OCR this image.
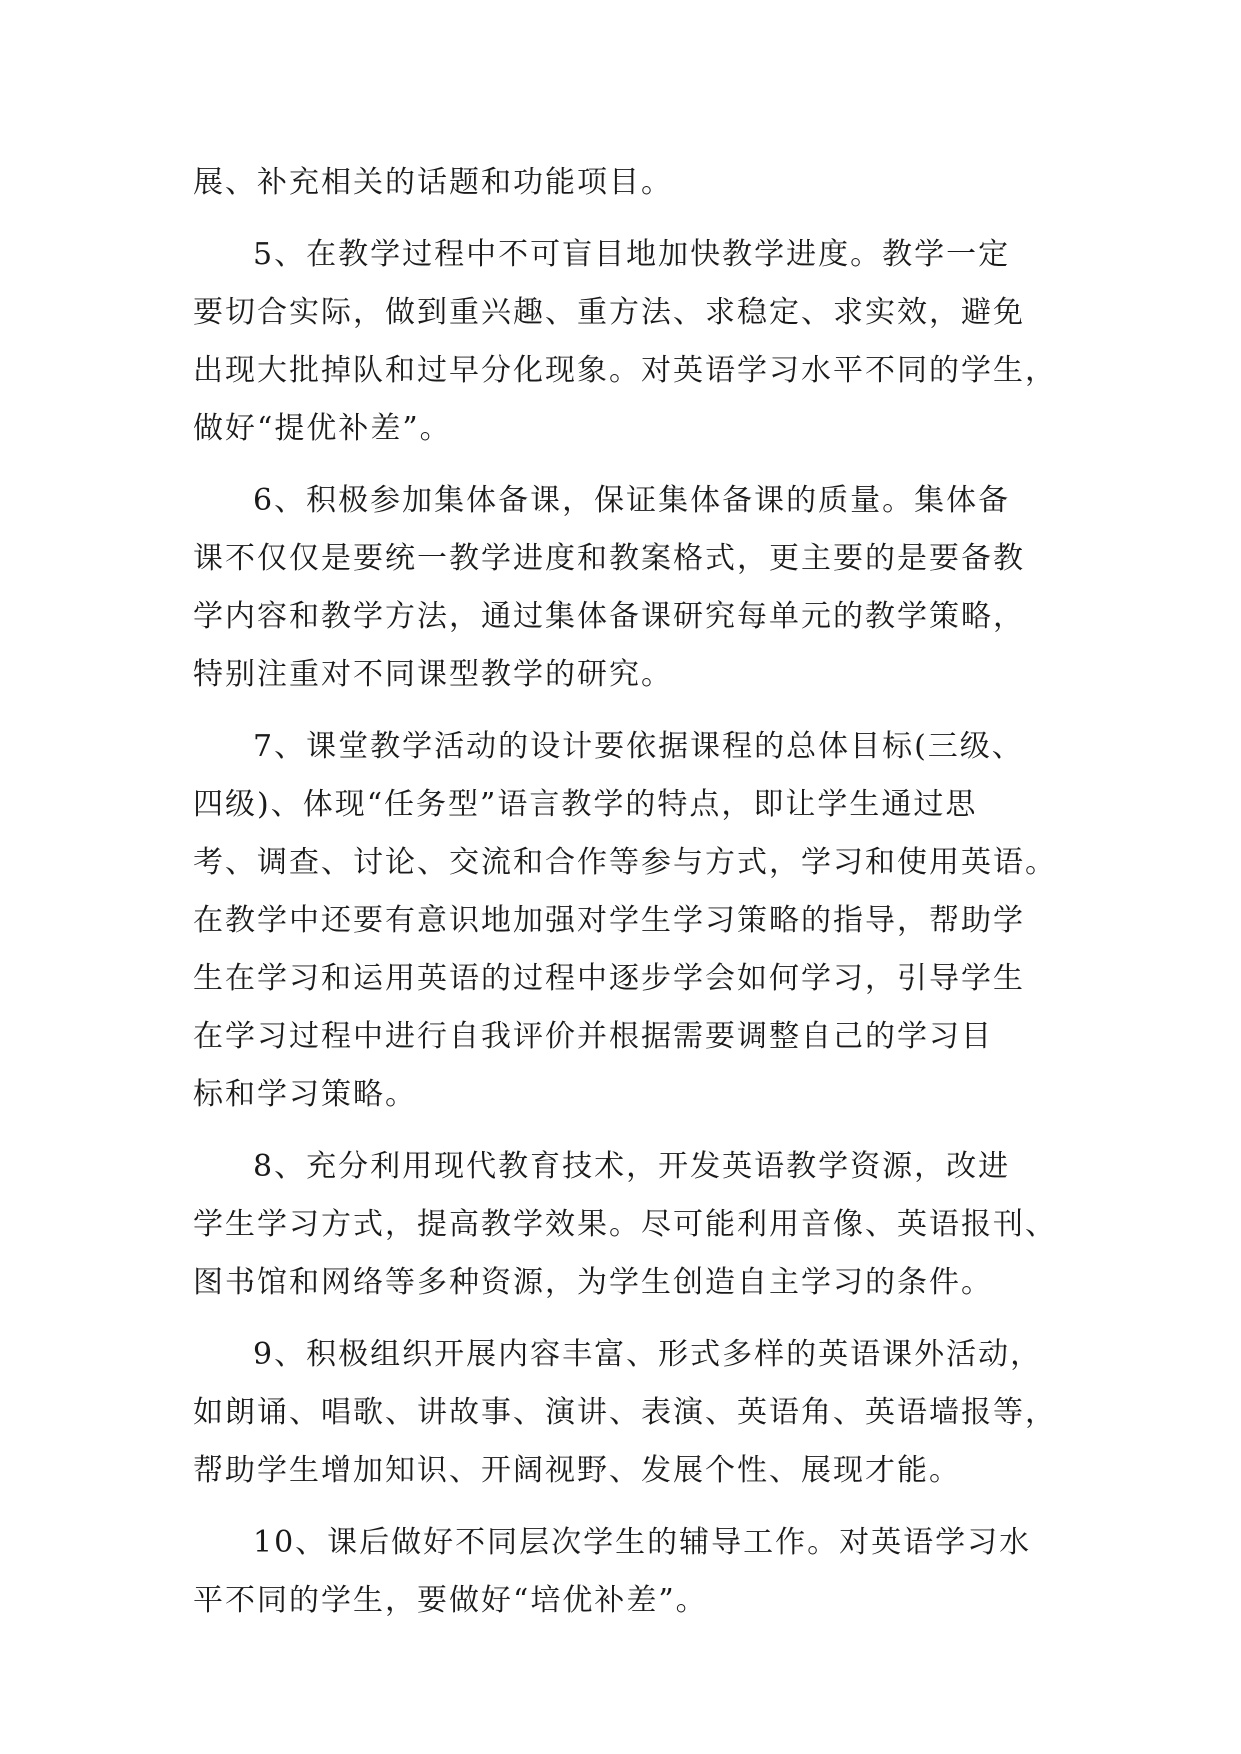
展、补充相关的话题和功能项目。
5、在教学过程中不可盲目地加快教学进度。教学一定
要切合实际，做到重兴趣、重方法、求稳定、求实效，避免
出现大批掉队和过早分化现象。对英语学习水平不同的学生，
做好“提优补差”。
6、积极参加集体备课，保证集体备课的质量。集体备
课不仅仅是要统一教学进度和教案格式，更主要的是要备教
学内容和教学方法，通过集体备课研究每单元的教学策略，
特别注重对不同课型教学的研究。
7、课堂教学活动的设计要依据课程的总体目标(三级、
四级)、体现“任务型”语言教学的特点，即让学生通过思
考、调查、讨论、交流和合作等参与方式，学习和使用英语。
在教学中还要有意识地加强对学生学习策略的指导，帮助学
生在学习和运用英语的过程中逐步学会如何学习，引导学生
在学习过程中进行自我评价并根据需要调整自己的学习目
标和学习策略。
8、充分利用现代教育技术，开发英语教学资源，改进
学生学习方式，提高教学效果。尽可能利用音像、英语报刊、
图书馆和网络等多种资源，为学生创造自主学习的条件。
9、积极组织开展内容丰富、形式多样的英语课外活动，
如朗诵、唱歌、讲故事、演讲、表演、英语角、英语墙报等，
帮助学生增加知识、开阔视野、发展个性、展现才能。
10、课后做好不同层次学生的辅导工作。对英语学习水
平不同的学生，要做好“培优补差”。
